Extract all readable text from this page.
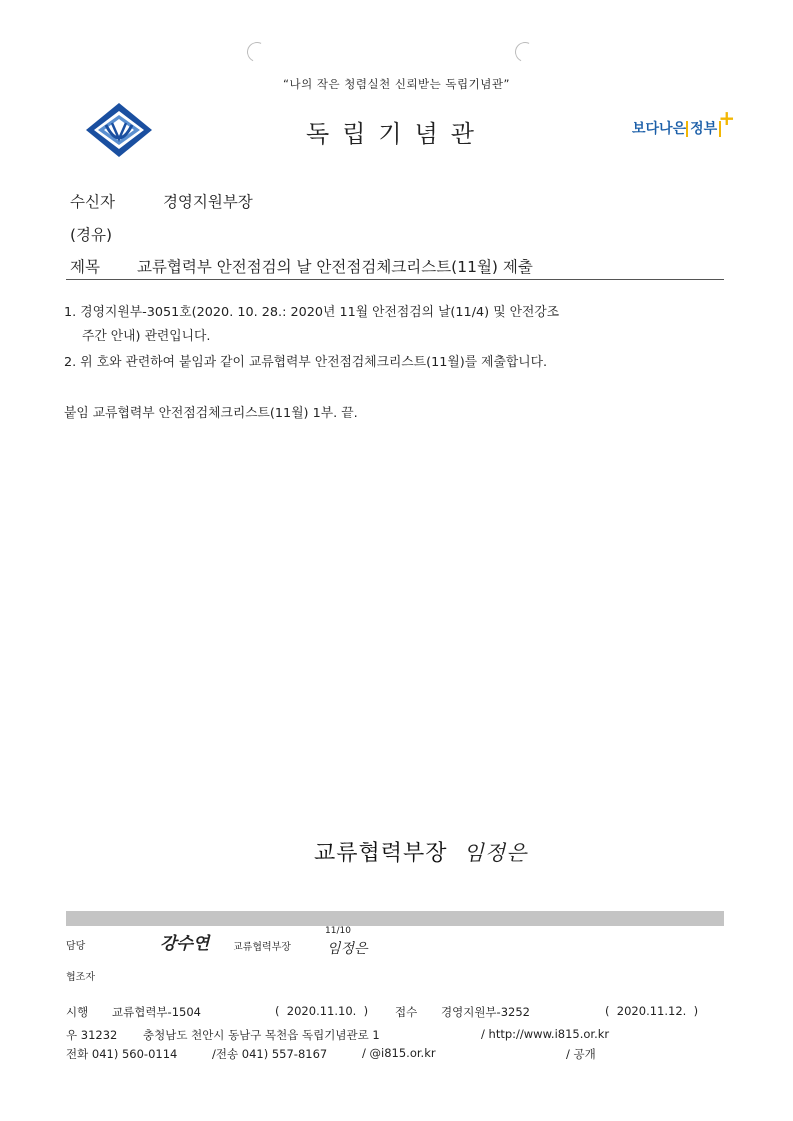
“나의 작은 청렴실천 신뢰받는 독립기념관”
독립기념관	보다나은 정부 +
수신자	경영지원부장
(경유)
제목 교류협력부 안전점검의 날 안전점검체크리스트(11월) 제출
1. 경영지원부-3051호(2020. 10. 28.: 2020년 11월 안전점검의 날(11/4) 및 안전강조
주간 안내) 관련입니다.
2. 위 호와 관련하여 붙임과 같이 교류협력부 안전점검체크리스트(11월)를 제출합니다.
붙임 교류협력부 안전점검체크리스트(11월) 1부. 끝.
교류협력부장 임정은
담당	강수연 교류협력부장
11/10
임정은
협조자
시행 교류협력부-1504	(  2020.11.10.  ) 접수 경영지원부-3252	(  2020.11.12.  )
우 31232 충청남도 천안시 동남구 목천읍 독립기념관로 1	/ http://www.i815.or.kr
전화 041) 560-0114	/전송 041) 557-8167	/ @i815.or.kr	/ 공개
